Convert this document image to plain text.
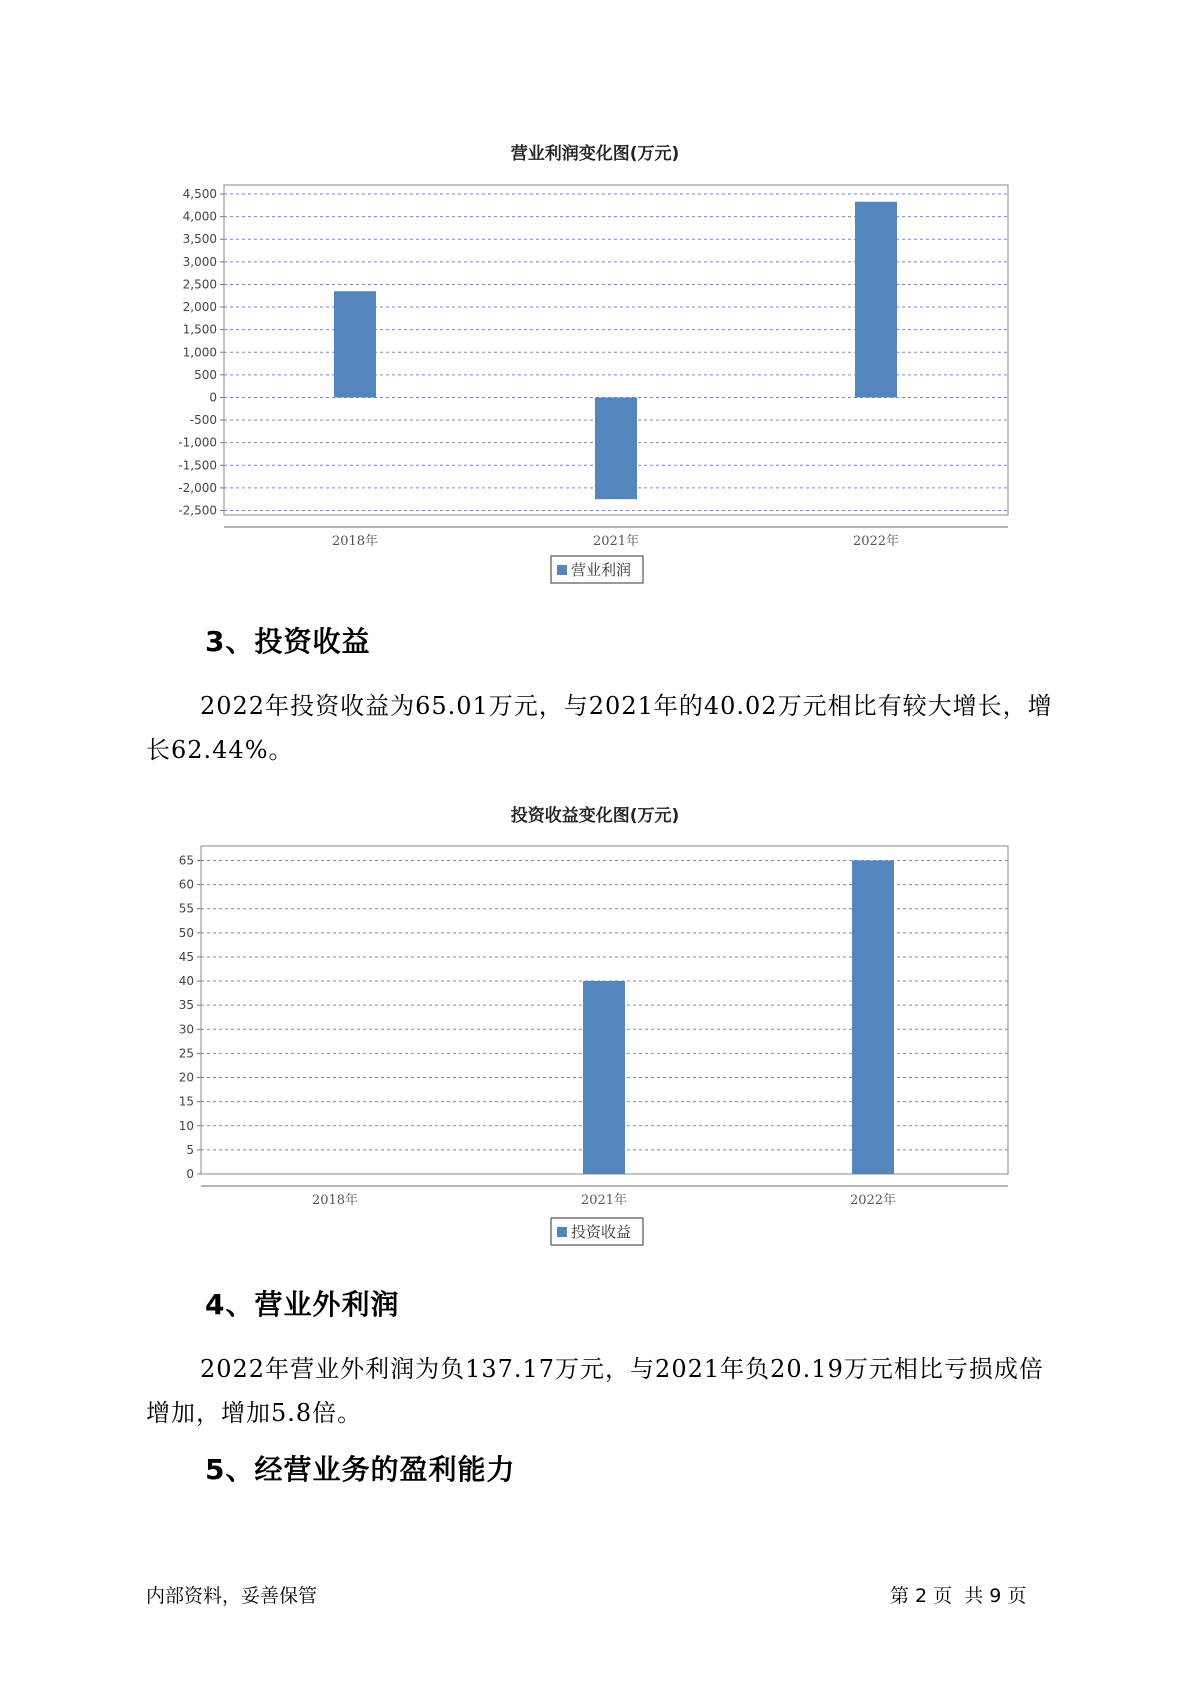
营业利润变化图(万元)
4,500
4,000
3,500
3,000
2,500
2,000
1,500
1,000
500
0
-500
-1,000
-1,500
-2,000
-2,500
2018年	2021年	2022年
营业利润
3、投资收益

2022年投资收益为65.01万元，与2021年的40.02万元相比有较大增长，增长62.44%。

投资收益变化图(万元)
65
60
55
50
45
40
35
30
25
20
15
10
5
0
2018年	2021年	2022年
投资收益
4、营业外利润

2022年营业外利润为负137.17万元，与2021年负20.19万元相比亏损成倍增加，增加5.8倍。

5、经营业务的盈利能力
内部资料，妥善保管	第 2 页  共 9 页
